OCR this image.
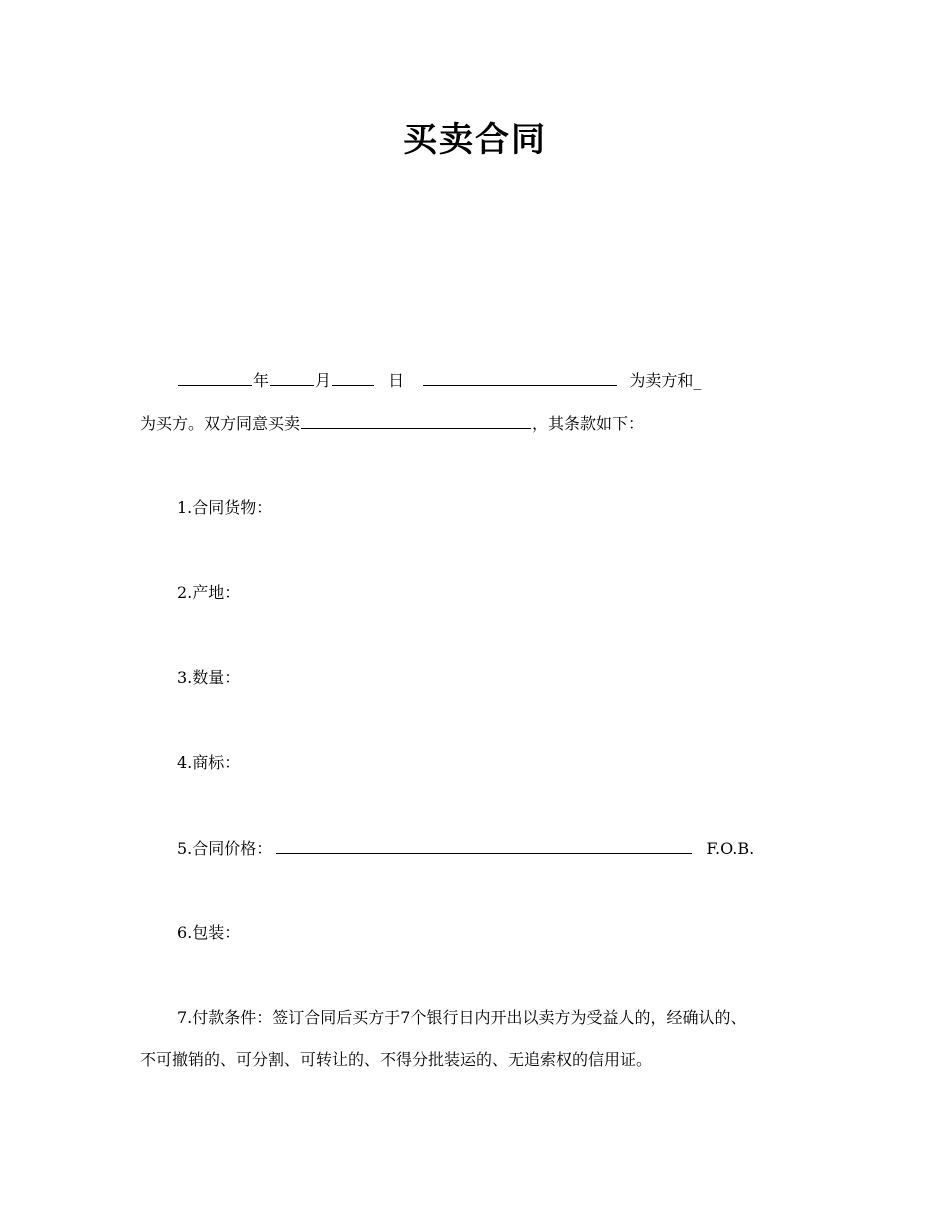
买卖合同
年	月	日	为卖方和_
为买方。双方同意买卖	，其条款如下：
1.合同货物：
2.产地：
3.数量：
4.商标：
5.合同价格：	F.O.B.
6.包装：
7.付款条件：签订合同后买方于7个银行日内开出以卖方为受益人的，经确认的、
不可撤销的、可分割、可转让的、不得分批装运的、无追索权的信用证。
